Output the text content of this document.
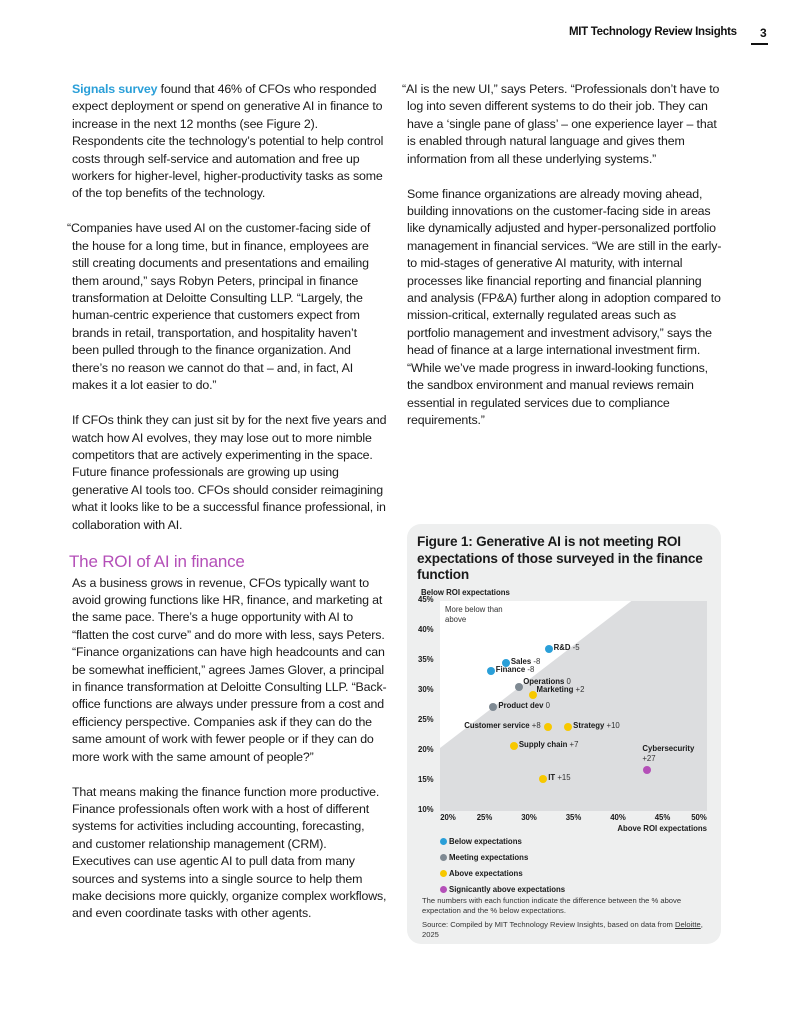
MIT Technology Review Insights 3

Signals survey found that 46% of CFOs who responded expect deployment or spend on generative AI in finance to increase in the next 12 months (see Figure 2). Respondents cite the technology’s potential to help control costs through self-service and automation and free up workers for higher-level, higher-productivity tasks as some of the top benefits of the technology.

“Companies have used AI on the customer-facing side of the house for a long time, but in finance, employees are still creating documents and presentations and emailing them around,” says Robyn Peters, principal in finance transformation at Deloitte Consulting LLP. “Largely, the human-centric experience that customers expect from brands in retail, transportation, and hospitality haven’t been pulled through to the finance organization. And there’s no reason we cannot do that – and, in fact, AI makes it a lot easier to do.”

If CFOs think they can just sit by for the next five years and watch how AI evolves, they may lose out to more nimble competitors that are actively experimenting in the space. Future finance professionals are growing up using generative AI tools too. CFOs should consider reimagining what it looks like to be a successful finance professional, in collaboration with AI.

The ROI of AI in finance

As a business grows in revenue, CFOs typically want to avoid growing functions like HR, finance, and marketing at the same pace. There’s a huge opportunity with AI to “flatten the cost curve” and do more with less, says Peters. “Finance organizations can have high headcounts and can be somewhat inefficient,” agrees James Glover, a principal in finance transformation at Deloitte Consulting LLP. “Back-office functions are always under pressure from a cost and efficiency perspective. Companies ask if they can do the same amount of work with fewer people or if they can do more work with the same amount of people?”

That means making the finance function more productive. Finance professionals often work with a host of different systems for activities including accounting, forecasting, and customer relationship management (CRM). Executives can use agentic AI to pull data from many sources and systems into a single source to help them make decisions more quickly, organize complex workflows, and even coordinate tasks with other agents.

“AI is the new UI,” says Peters. “Professionals don’t have to log into seven different systems to do their job. They can have a ‘single pane of glass’ – one experience layer – that is enabled through natural language and gives them information from all these underlying systems.”

Some finance organizations are already moving ahead, building innovations on the customer-facing side in areas like dynamically adjusted and hyper-personalized portfolio management in financial services. “We are still in the early- to mid-stages of generative AI maturity, with internal processes like financial reporting and financial planning and analysis (FP&A) further along in adoption compared to mission-critical, externally regulated areas such as portfolio management and investment advisory,” says the head of finance at a large international investment firm. “While we’ve made progress in inward-looking functions, the sandbox environment and manual reviews remain essential in regulated services due to compliance requirements.”

Figure 1: Generative AI is not meeting ROI expectations of those surveyed in the finance function
Below ROI expectations
45%
40%
35%
30%
25%
20%
15%
10%
More below than above
R&D -5
Sales -8
Finance -8
Operations 0
Marketing +2
Product dev 0
Customer service +8	Strategy +10
Supply chain +7
IT +15
Cybersecurity
+27
20%	25%	30%	35%	40%	45%	50%
Above ROI expectations
Below expectations
Meeting expectations
Above expectations
Signicantly above expectations
The numbers with each function indicate the difference between the % above expectation and the % below expectations.
Source: Compiled by MIT Technology Review Insights, based on data from Deloitte, 2025
